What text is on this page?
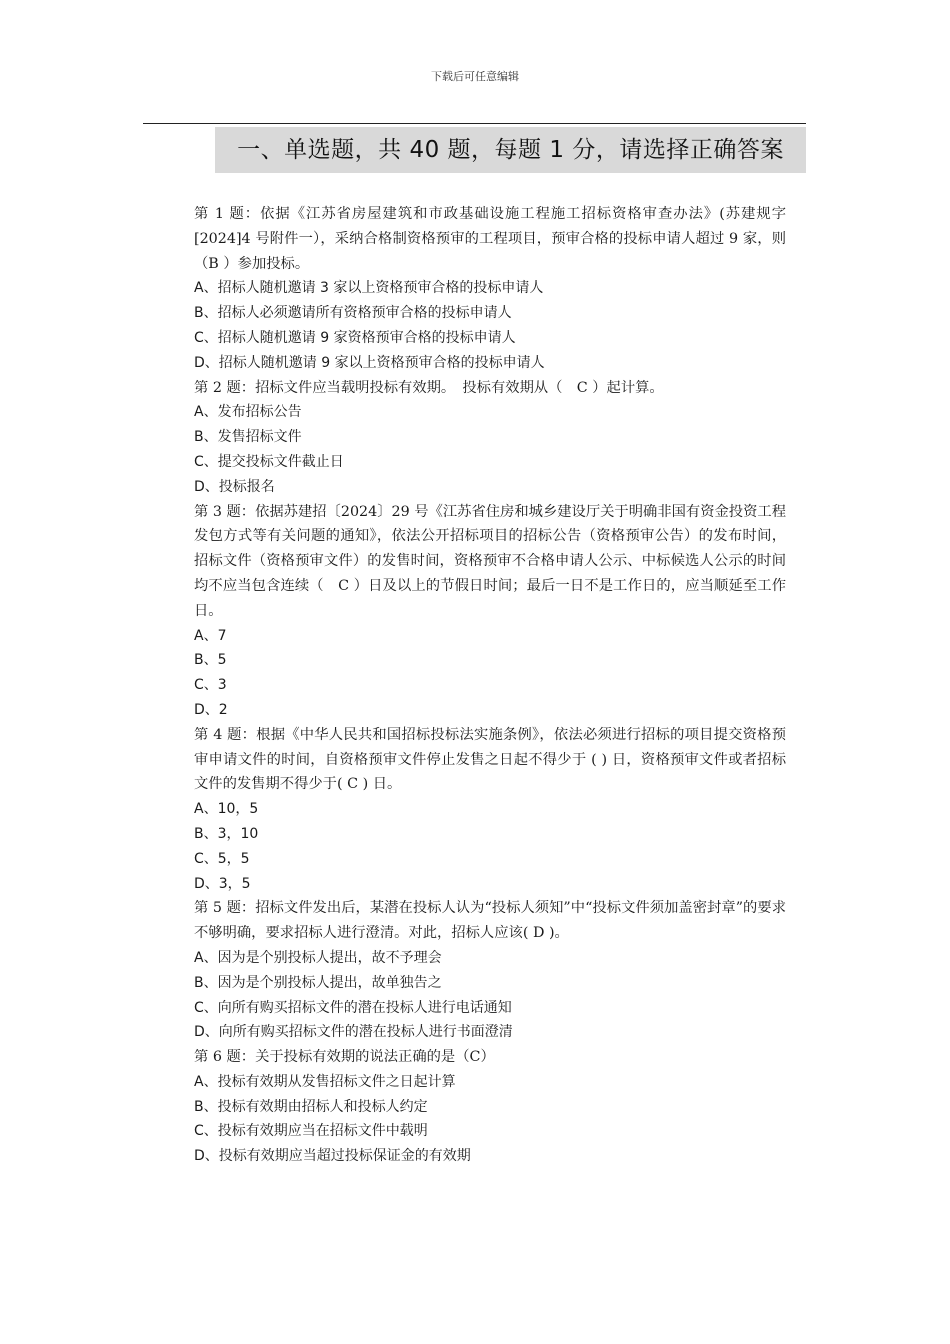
下载后可任意编辑
一、单选题，共 40 题，每题 1 分，请选择正确答案

第 1 题：依据《江苏省房屋建筑和市政基础设施工程施工招标资格审查办法》(苏建规字[2024]4 号附件一），采纳合格制资格预审的工程项目，预审合格的投标申请人超过 9 家，则（B ）参加投标。

A、招标人随机邀请 3 家以上资格预审合格的投标申请人

B、招标人必须邀请所有资格预审合格的投标申请人

C、招标人随机邀请 9 家资格预审合格的投标申请人

D、招标人随机邀请 9 家以上资格预审合格的投标申请人

第 2 题：招标文件应当载明投标有效期。　投标有效期从（　C ）起计算。

A、发布招标公告

B、发售招标文件

C、提交投标文件截止日

D、投标报名

第 3 题：依据苏建招〔2024〕29 号《江苏省住房和城乡建设厅关于明确非国有资金投资工程发包方式等有关问题的通知》，依法公开招标项目的招标公告（资格预审公告）的发布时间，招标文件（资格预审文件）的发售时间，资格预审不合格申请人公示、中标候选人公示的时间均不应当包含连续（　C ）日及以上的节假日时间；最后一日不是工作日的，应当顺延至工作日。

A、7

B、5

C、3

D、2

第 4 题：根据《中华人民共和国招标投标法实施条例》，依法必须进行招标的项目提交资格预审申请文件的时间，自资格预审文件停止发售之日起不得少于 ( ) 日，资格预审文件或者招标文件的发售期不得少于( C ) 日。

A、10，5

B、3，10

C、5，5

D、3，5

第 5 题：招标文件发出后，某潜在投标人认为“投标人须知”中“投标文件须加盖密封章”的要求不够明确，要求招标人进行澄清。对此，招标人应该( D )。

A、因为是个别投标人提出，故不予理会

B、因为是个别投标人提出，故单独告之

C、向所有购买招标文件的潜在投标人进行电话通知

D、向所有购买招标文件的潜在投标人进行书面澄清

第 6 题：关于投标有效期的说法正确的是（C）

A、投标有效期从发售招标文件之日起计算

B、投标有效期由招标人和投标人约定

C、投标有效期应当在招标文件中载明

D、投标有效期应当超过投标保证金的有效期
